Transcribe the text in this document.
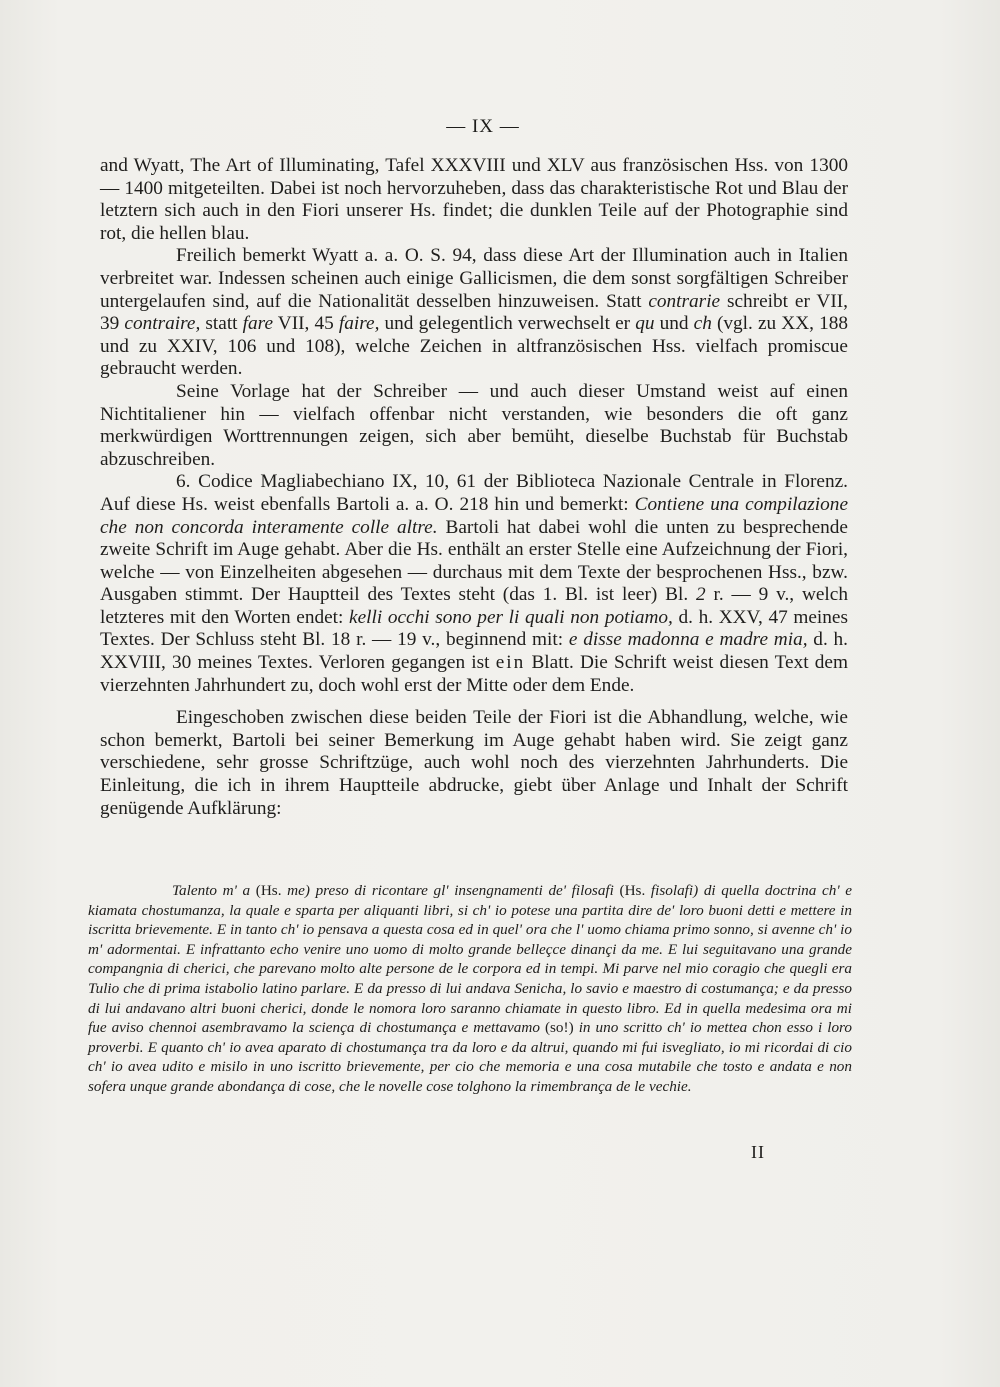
— IX —

and Wyatt, The Art of Illuminating, Tafel XXXVIII und XLV aus französischen Hss. von 1300 — 1400 mitgeteilten. Dabei ist noch hervorzuheben, dass das charakteristische Rot und Blau der letztern sich auch in den Fiori unserer Hs. findet; die dunklen Teile auf der Photographie sind rot, die hellen blau.

Freilich bemerkt Wyatt a. a. O. S. 94, dass diese Art der Illumination auch in Italien verbreitet war. Indessen scheinen auch einige Gallicismen, die dem sonst sorgfältigen Schreiber untergelaufen sind, auf die Nationalität desselben hinzuweisen. Statt contrarie schreibt er VII, 39 contraire, statt fare VII, 45 faire, und gelegentlich verwechselt er qu und ch (vgl. zu XX, 188 und zu XXIV, 106 und 108), welche Zeichen in altfranzösischen Hss. vielfach promiscue gebraucht werden.

Seine Vorlage hat der Schreiber — und auch dieser Umstand weist auf einen Nichtitaliener hin — vielfach offenbar nicht verstanden, wie besonders die oft ganz merkwürdigen Worttrennungen zeigen, sich aber bemüht, dieselbe Buchstab für Buchstab abzuschreiben.

6. Codice Magliabechiano IX, 10, 61 der Biblioteca Nazionale Centrale in Florenz. Auf diese Hs. weist ebenfalls Bartoli a. a. O. 218 hin und bemerkt: Contiene una compilazione che non concorda interamente colle altre. Bartoli hat dabei wohl die unten zu besprechende zweite Schrift im Auge gehabt. Aber die Hs. enthält an erster Stelle eine Aufzeichnung der Fiori, welche — von Einzelheiten abgesehen — durchaus mit dem Texte der besprochenen Hss., bzw. Ausgaben stimmt. Der Hauptteil des Textes steht (das 1. Bl. ist leer) Bl. 2 r. — 9 v., welch letzteres mit den Worten endet: kelli occhi sono per li quali non potiamo, d. h. XXV, 47 meines Textes. Der Schluss steht Bl. 18 r. — 19 v., beginnend mit: e disse madonna e madre mia, d. h. XXVIII, 30 meines Textes. Verloren gegangen ist ein Blatt. Die Schrift weist diesen Text dem vierzehnten Jahrhundert zu, doch wohl erst der Mitte oder dem Ende.

Eingeschoben zwischen diese beiden Teile der Fiori ist die Abhandlung, welche, wie schon bemerkt, Bartoli bei seiner Bemerkung im Auge gehabt haben wird. Sie zeigt ganz verschiedene, sehr grosse Schriftzüge, auch wohl noch des vierzehnten Jahrhunderts. Die Einleitung, die ich in ihrem Hauptteile abdrucke, giebt über Anlage und Inhalt der Schrift genügende Aufklärung:

Talento m' a (Hs. me) preso di ricontare gl' insengnamenti de' filosafi (Hs. fisolafi) di quella doctrina ch' e kiamata chostumanza, la quale e sparta per aliquanti libri, si ch' io potese una partita dire de' loro buoni detti e mettere in iscritta brievemente. E in tanto ch' io pensava a questa cosa ed in quel' ora che l' uomo chiama primo sonno, si avenne ch' io m' adormentai. E infrattanto echo venire uno uomo di molto grande belleçce dinançi da me. E lui seguitavano una grande compangnia di cherici, che parevano molto alte persone de le corpora ed in tempi. Mi parve nel mio coragio che quegli era Tulio che di prima istabolio latino parlare. E da presso di lui andava Senicha, lo savio e maestro di costumança; e da presso di lui andavano altri buoni cherici, donde le nomora loro saranno chiamate in questo libro. Ed in quella medesima ora mi fue aviso chennoi asembravamo la sciença di chostumança e mettavamo (so!) in uno scritto ch' io mettea chon esso i loro proverbi. E quanto ch' io avea aparato di chostumança tra da loro e da altrui, quando mi fui isvegliato, io mi ricordai di cio ch' io avea udito e misilo in uno iscritto brievemente, per cio che memoria e una cosa mutabile che tosto e andata e non sofera unque grande abondança di cose, che le novelle cose tolghono la rimembrança de le vechie.
II
